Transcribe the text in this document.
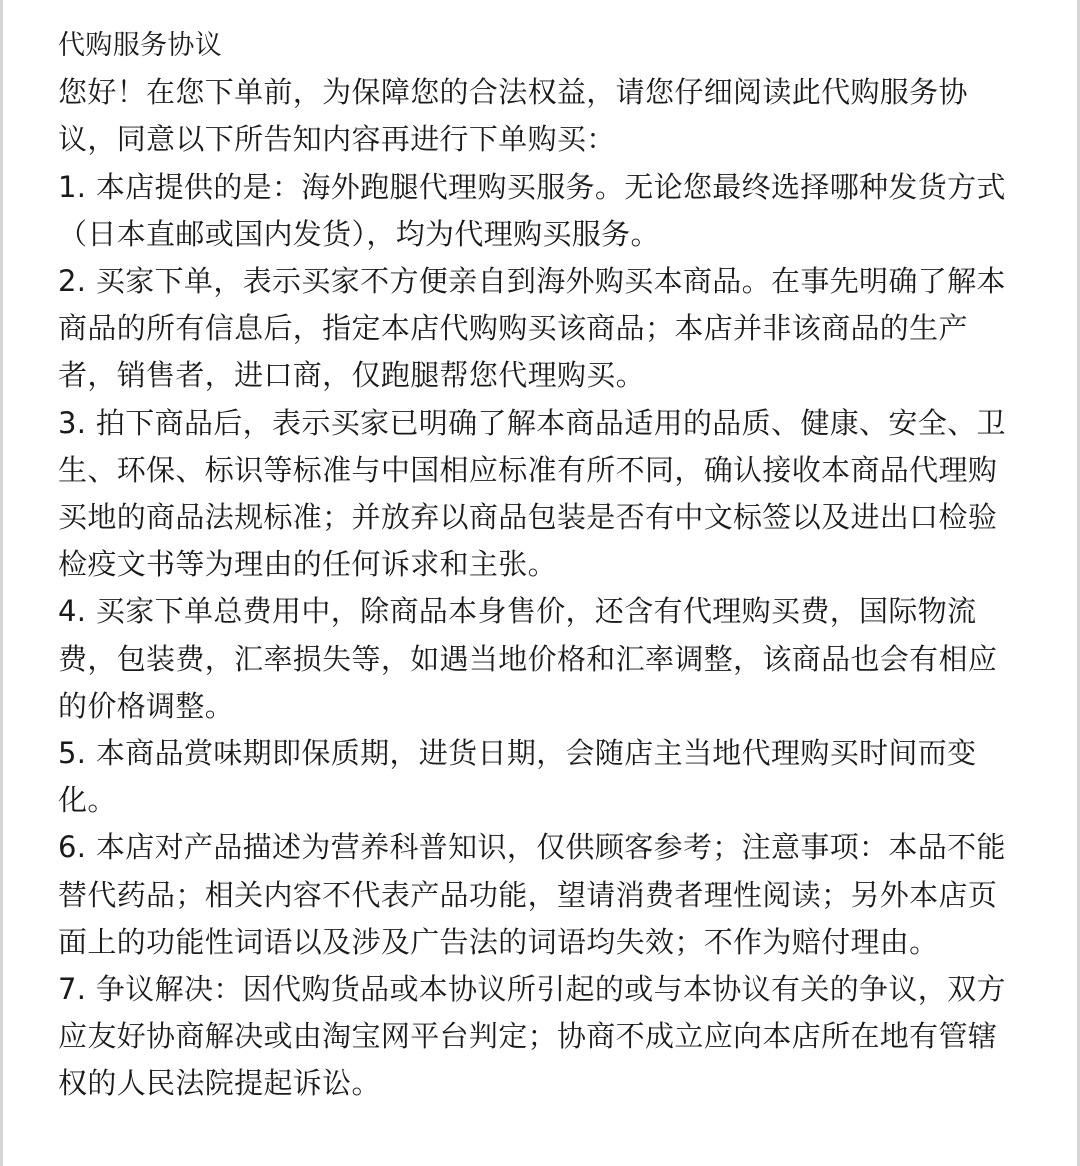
代购服务协议

您好！在您下单前，为保障您的合法权益，请您仔细阅读此代购服务协议，同意以下所告知内容再进行下单购买：

1. 本店提供的是：海外跑腿代理购买服务。无论您最终选择哪种发货方式（日本直邮或国内发货），均为代理购买服务。

2. 买家下单，表示买家不方便亲自到海外购买本商品。在事先明确了解本商品的所有信息后，指定本店代购购买该商品；本店并非该商品的生产者，销售者，进口商，仅跑腿帮您代理购买。

3. 拍下商品后，表示买家已明确了解本商品适用的品质、健康、安全、卫生、环保、标识等标准与中国相应标准有所不同，确认接收本商品代理购买地的商品法规标准；并放弃以商品包装是否有中文标签以及进出口检验检疫文书等为理由的任何诉求和主张。

4. 买家下单总费用中，除商品本身售价，还含有代理购买费，国际物流费，包装费，汇率损失等，如遇当地价格和汇率调整，该商品也会有相应的价格调整。

5. 本商品赏味期即保质期，进货日期，会随店主当地代理购买时间而变化。

6. 本店对产品描述为营养科普知识，仅供顾客参考；注意事项：本品不能替代药品；相关内容不代表产品功能，望请消费者理性阅读；另外本店页面上的功能性词语以及涉及广告法的词语均失效；不作为赔付理由。

7. 争议解决：因代购货品或本协议所引起的或与本协议有关的争议，双方应友好协商解决或由淘宝网平台判定；协商不成立应向本店所在地有管辖权的人民法院提起诉讼。
